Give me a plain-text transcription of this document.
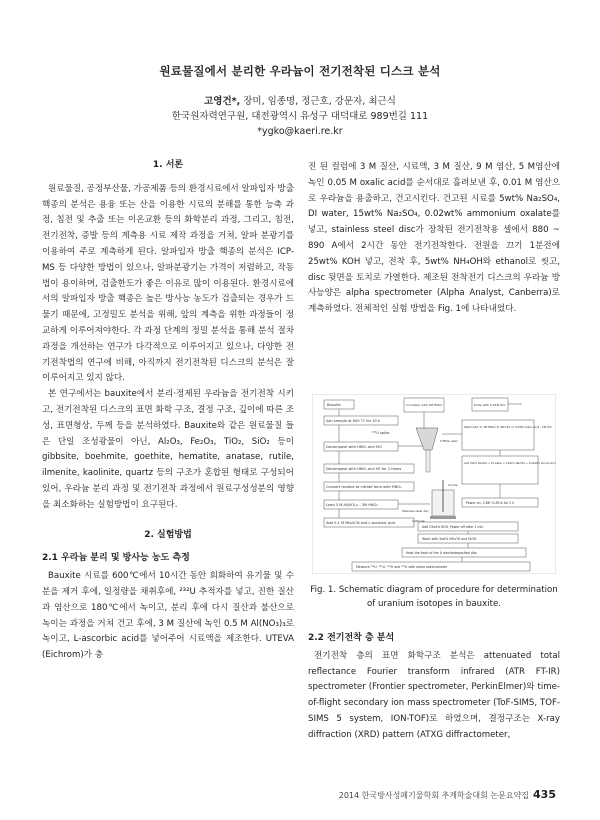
원료물질에서 분리한 우라늄이 전기전착된 디스크 분석
고영건*, 장미, 임종명, 정근호, 강문자, 최근식
한국원자력연구원, 대전광역시 유성구 대덕대로 989번길 111
*ygko@kaeri.re.kr
1. 서론

원료물질, 공정부산물, 가공제품 등의 환경시료에서 알파입자 방출 핵종의 분석은 용융 또는 산을 이용한 시료의 분해를 통한 능축 과정, 침전 및 추출 또는 이온교환 등의 화학분리 과정, 그리고, 침전, 전기전착, 증발 등의 계측용 시료 제작 과정을 거쳐, 알파 분광기를 이용하여 주로 계측하게 된다. 알파입자 방출 핵종의 분석은 ICP-MS 등 다양한 방법이 있으나, 알파분광기는 가격이 저렴하고, 작동법이 용이하며, 검출한도가 좋은 이유로 많이 이용된다. 환경시료에서의 알파입자 방출 핵종은 높은 방사능 농도가 검출되는 경우가 드물기 때문에, 고정밀도 분석을 위해, 앞의 계측을 위한 과정들이 정교하게 이루어져야한다. 각 과정 단계의 정밀 분석을 통해 분석 절차 과정을 개선하는 연구가 다각적으로 이루어지고 있으나, 다양한 전기전착법의 연구에 비해, 아직까지 전기전착된 디스크의 분석은 잘 이루어지고 있지 않다.

본 연구에서는 bauxite에서 분리·정제된 우라늄을 전기전착 시키고, 전기전착된 디스크의 표면 화학 구조, 결정 구조, 깊이에 따른 조성, 표면형상, 두께 등을 분석하였다. Bauxite와 같은 원료물질 들은 단일 조성광물이 아닌, Al₂O₃, Fe₂O₃, TiO₂, SiO₂ 등이 gibbsite, boehmite, goethite, hematite, anatase, rutile, ilmenite, kaolinite, quartz 등의 구조가 혼합된 형태로 구성되어 있어, 우라늄 분리 과정 및 전기전착 과정에서 원료구성성분의 영향을 최소화하는 실험방법이 요구된다.

2. 실험방법
2.1 우라늄 분리 및 방사능 농도 측정

Bauxite 시료를 600℃에서 10시간 동안 회화하여 유기물 및 수분을 제거 후에, 일정량을 채취후에, ²³²U 추적자를 넣고, 진한 질산과 염산으로 180℃에서 녹이고, 분리 후에 다시 질산과 불산으로 녹이는 과정을 거쳐 건고 후에, 3 M 질산에 녹인 0.5 M Al(NO₃)₃로 녹이고, L-ascorbic acid를 넣어주어 시료액을 제조한다. UTEVA (Eichrom)가 충

진 된 컬럼에 3 M 질산, 시료액, 3 M 질산, 9 M 염산, 5 M염산에 녹인 0.05 M oxalic acid를 순서대로 흘려보낸 후, 0.01 M 염산으로 우라늄을 용출하고, 건고시킨다. 건고된 시료를 5wt% Na₂SO₄, DI water, 15wt% Na₂SO₄, 0.02wt% ammonium oxalate를 넣고, stainless steel disc가 장착된 전기전착용 셀에서 880 ~ 890 A에서 2시간 동안 전기전착한다. 전원을 끄기 1분전에 25wt% KOH 넣고, 전착 후, 5wt% NH₄OH와 ethanol로 씻고, disc 뒷면을 토치로 가열한다. 제조된 전착전기 디스크의 우라늄 방사능양은 alpha spectrometer (Alpha Analyst, Canberra)로 계측하였다. 전체적인 실험 방법을 Fig. 1에 나타내었다.

Bauxite
Ash sample at 600 °C for 10 h
²³²U spike
Decompose with HNO₃ and HCl
Decompose with HNO₃ and HF for 2 times
Convert residue to nitrate form with HNO₃
Load 3 M Al(NO₃)₃ - 3M HNO₃
Add 0.1 M NH₄SCN and L-ascorbic acid
Condition with 3M HNO₃	Elute with 0.01M HCl
Wash with 1) 3M HNO₃ 2) 9M HCl 3) 0.05M oxalic acid - 5M HCl
Add 5wt% Na₂SO₄ + DI water + 15wt% Na₂SO₄ + 0.02wt% ammonium oxalate
Power on, 0.86~0.89 A for 2 h
Add 25wt% KOH, Power off after 1 min
Wash with 5wt% NH₄OH and EtOH
Heat the back of the U electrodeposited disc
Measure ²³⁸U, ²³⁵U, ²³⁴U and ²³²U with alpha spectrometer
UTEVA resin
Anode
Stainless steel disc
Cathode
Fig. 1. Schematic diagram of procedure for determination of uranium isotopes in bauxite.
2.2 전기전착 층 분석

전기전착 층의 표면 화학구조 분석은 attenuated total reflectance Fourier transform infrared (ATR FT-IR) spectrometer (Frontier spectrometer, PerkinElmer)와 time-of-flight secondary ion mass spectrometer (ToF-SIMS, TOF-SIMS 5 system, ION-TOF)로 하였으며, 결정구조는 X-ray diffraction (XRD) pattern (ATXG diffractometer,

2014 한국방사성폐기물학회 추계학술대회 논문요약집 435
